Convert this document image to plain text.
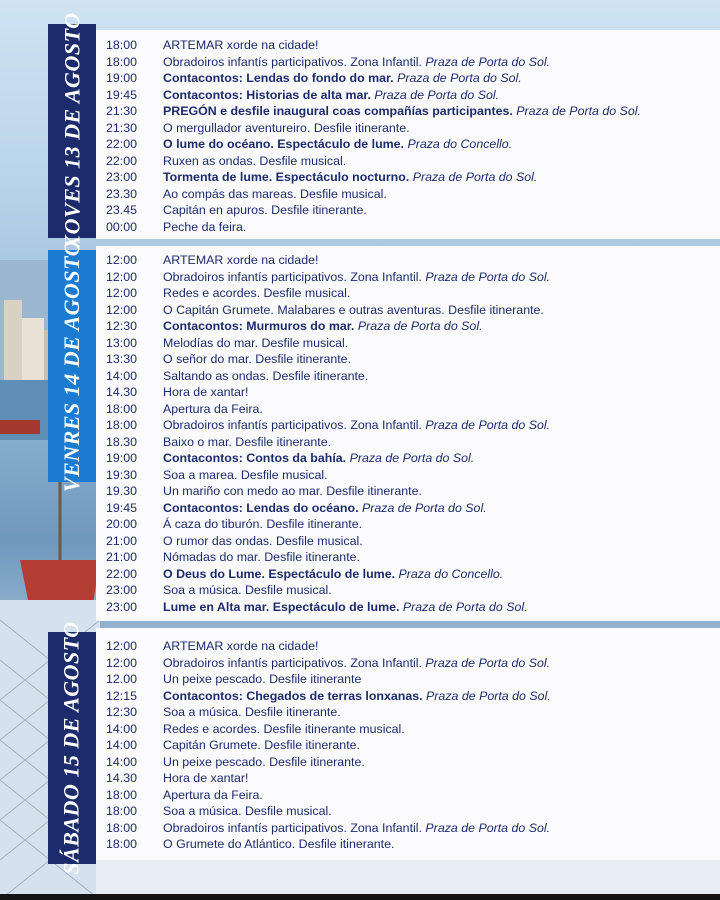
XOVES 13 DE AGOSTO 18:00	ARTEMAR xorde na cidade!
18:00	Obradoiros infantís participativos. Zona Infantil. Praza de Porta do Sol.
19:00	Contacontos: Lendas do fondo do mar. Praza de Porta do Sol.
19:45	Contacontos: Historias de alta mar. Praza de Porta do Sol.
21:30	PREGÓN e desfile inaugural coas compañías participantes. Praza de Porta do Sol.
21:30	O mergullador aventureiro. Desfile itinerante.
22:00	O lume do océano. Espectáculo de lume. Praza do Concello.
22:00	Ruxen as ondas. Desfile musical.
23:00	Tormenta de lume. Espectáculo nocturno. Praza de Porta do Sol.
23.30	Ao compás das mareas. Desfile musical.
23.45	Capitán en apuros. Desfile itinerante.
00:00	Peche da feira.
VENRES 14 DE AGOSTO 12:00	ARTEMAR xorde na cidade!
12:00	Obradoiros infantís participativos. Zona Infantil. Praza de Porta do Sol.
12:00	Redes e acordes. Desfile musical.
12:00	O Capitán Grumete. Malabares e outras aventuras. Desfile itinerante.
12:30	Contacontos: Murmuros do mar. Praza de Porta do Sol.
13:00	Melodías do mar. Desfile musical.
13:30	O señor do mar. Desfile itinerante.
14:00	Saltando as ondas. Desfile itinerante.
14.30	Hora de xantar!
18:00	Apertura da Feira.
18:00	Obradoiros infantís participativos. Zona Infantil. Praza de Porta do Sol.
18.30	Baixo o mar. Desfile itinerante.
19:00	Contacontos: Contos da bahía. Praza de Porta do Sol.
19:30	Soa a marea. Desfile musical.
19.30	Un mariño con medo ao mar. Desfile itinerante.
19:45	Contacontos: Lendas do océano. Praza de Porta do Sol.
20:00	Á caza do tiburón. Desfile itinerante.
21:00	O rumor das ondas. Desfile musical.
21:00	Nómadas do mar. Desfile itinerante.
22:00	O Deus do Lume. Espectáculo de lume. Praza do Concello.
23:00	Soa a música. Desfile musical.
23:00	Lume en Alta mar. Espectáculo de lume. Praza de Porta do Sol.
SÁBADO 15 DE AGOSTO 12:00	ARTEMAR xorde na cidade!
12:00	Obradoiros infantís participativos. Zona Infantil. Praza de Porta do Sol.
12.00	Un peixe pescado. Desfile itinerante
12:15	Contacontos: Chegados de terras lonxanas. Praza de Porta do Sol.
12:30	Soa a música. Desfile itinerante.
14:00	Redes e acordes. Desfile itinerante musical.
14:00	Capitán Grumete. Desfile itinerante.
14:00	Un peixe pescado. Desfile itinerante.
14.30	Hora de xantar!
18:00	Apertura da Feira.
18:00	Soa a música. Desfile musical.
18:00	Obradoiros infantís participativos. Zona Infantil. Praza de Porta do Sol.
18:00	O Grumete do Atlántico. Desfile itinerante.
